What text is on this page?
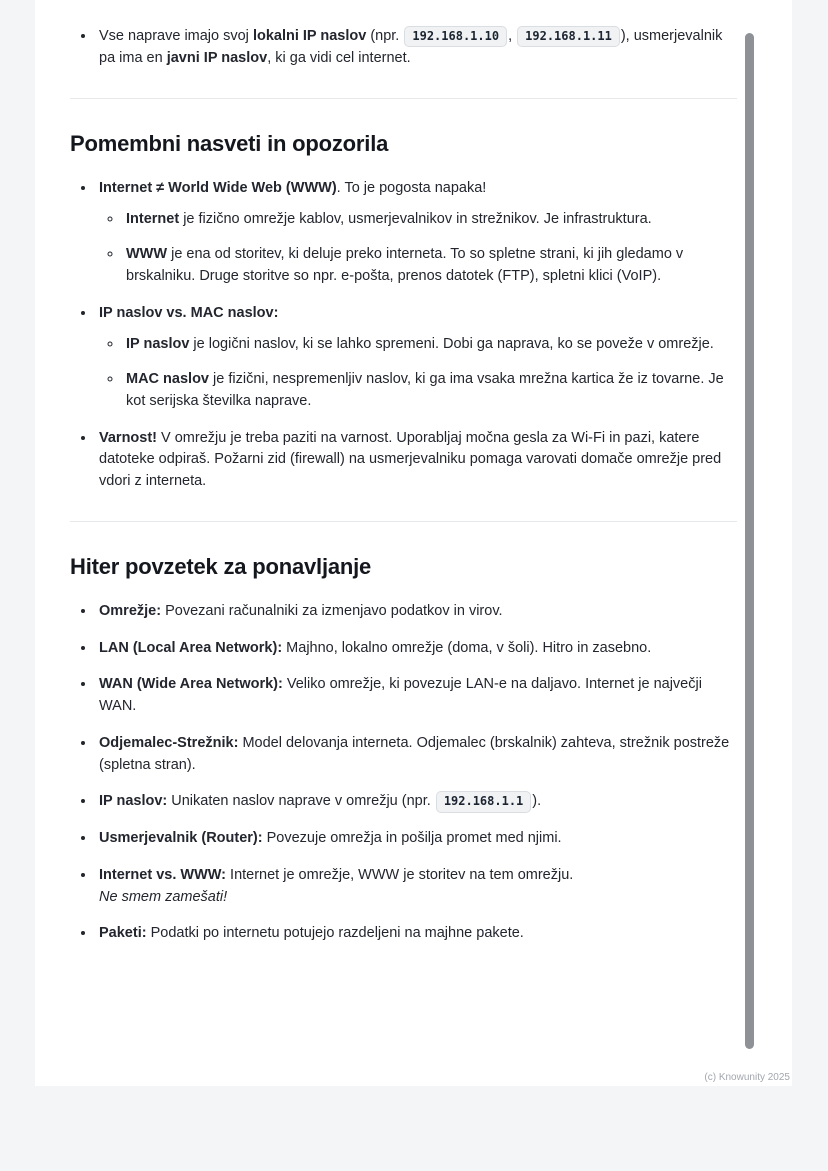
• Vse naprave imajo svoj lokalni IP naslov (npr. 192.168.1.10 , 192.168.1.11 ), usmerjevalnik pa ima en javni IP naslov, ki ga vidi cel internet.
Pomembni nasveti in opozorila
• Internet ≠ World Wide Web (WWW). To je pogosta napaka!
◦ Internet je fizično omrežje kablov, usmerjevalnikov in strežnikov. Je infrastruktura.
◦ WWW je ena od storitev, ki deluje preko interneta. To so spletne strani, ki jih gledamo v brskalniku. Druge storitve so npr. e-pošta, prenos datotek (FTP), spletni klici (VoIP).
• IP naslov vs. MAC naslov:
◦ IP naslov je logični naslov, ki se lahko spremeni. Dobi ga naprava, ko se poveže v omrežje.
◦ MAC naslov je fizični, nespremenljiv naslov, ki ga ima vsaka mrežna kartica že iz tovarne. Je kot serijska številka naprave.
• Varnost! V omrežju je treba paziti na varnost. Uporabljaj močna gesla za Wi-Fi in pazi, katere datoteke odpiraš. Požarni zid (firewall) na usmerjevalniku pomaga varovati domače omrežje pred vdori z interneta.
Hiter povzetek za ponavljanje
• Omrežje: Povezani računalniki za izmenjavo podatkov in virov.
• LAN (Local Area Network): Majhno, lokalno omrežje (doma, v šoli). Hitro in zasebno.
• WAN (Wide Area Network): Veliko omrežje, ki povezuje LAN-e na daljavo. Internet je največji WAN.
• Odjemalec-Strežnik: Model delovanja interneta. Odjemalec (brskalnik) zahteva, strežnik postreže (spletna stran).
• IP naslov: Unikaten naslov naprave v omrežju (npr. 192.168.1.1 ).
• Usmerjevalnik (Router): Povezuje omrežja in pošilja promet med njimi.
• Internet vs. WWW: Internet je omrežje, WWW je storitev na tem omrežju.
Ne smem zamešati!
• Paketi: Podatki po internetu potujejo razdeljeni na majhne pakete.
(c) Knowunity 2025
